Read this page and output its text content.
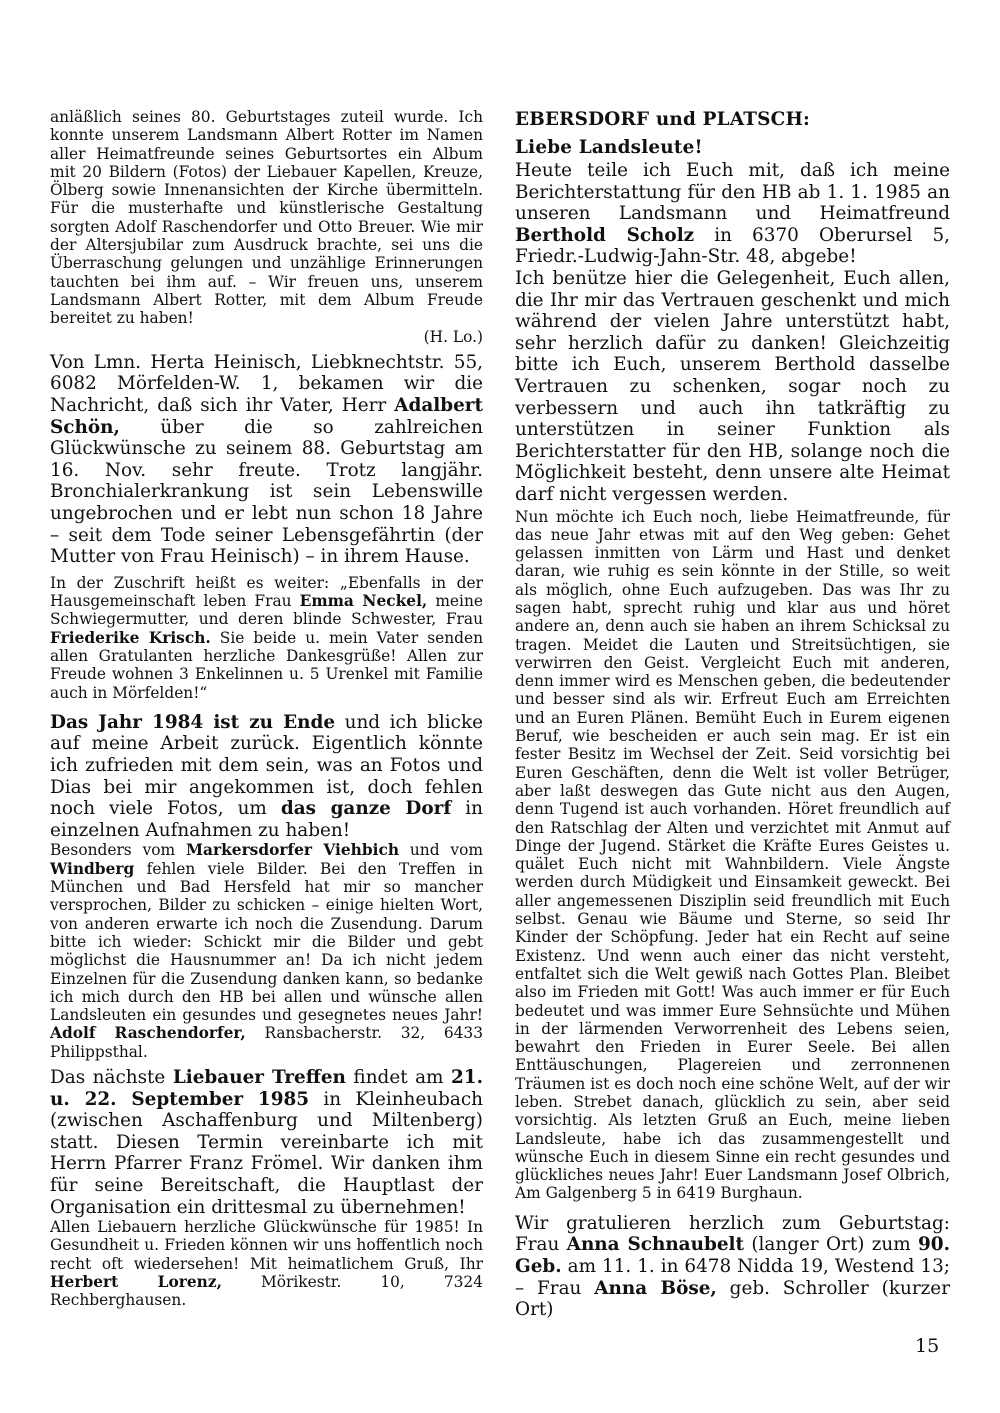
anläßlich seines 80. Geburtstages zuteil wurde. Ich konnte unserem Landsmann Albert Rotter im Namen aller Heimatfreunde seines Geburtsortes ein Album mit 20 Bildern (Fotos) der Liebauer Kapellen, Kreuze, Ölberg sowie Innenansichten der Kirche übermitteln. Für die musterhafte und künstlerische Gestaltung sorgten Adolf Raschendorfer und Otto Breuer. Wie mir der Altersjubilar zum Ausdruck brachte, sei uns die Überraschung gelungen und unzählige Erinnerungen tauchten bei ihm auf. – Wir freuen uns, unserem Landsmann Albert Rotter, mit dem Album Freude bereitet zu haben!

(H. Lo.)

Von Lmn. Herta Heinisch, Liebknechtstr. 55, 6082 Mörfelden-W. 1, bekamen wir die Nachricht, daß sich ihr Vater, Herr Adalbert Schön, über die so zahlreichen Glückwünsche zu seinem 88. Geburtstag am 16. Nov. sehr freute. Trotz langjähr. Bronchialerkrankung ist sein Lebenswille ungebrochen und er lebt nun schon 18 Jahre – seit dem Tode seiner Lebensgefährtin (der Mutter von Frau Heinisch) – in ihrem Hause.

In der Zuschrift heißt es weiter: „Ebenfalls in der Hausgemeinschaft leben Frau Emma Neckel, meine Schwiegermutter, und deren blinde Schwester, Frau Friederike Krisch. Sie beide u. mein Vater senden allen Gratulanten herzliche Dankesgrüße! Allen zur Freude wohnen 3 Enkelinnen u. 5 Urenkel mit Familie auch in Mörfelden!“

Das Jahr 1984 ist zu Ende und ich blicke auf meine Arbeit zurück. Eigentlich könnte ich zufrieden mit dem sein, was an Fotos und Dias bei mir angekommen ist, doch fehlen noch viele Fotos, um das ganze Dorf in einzelnen Aufnahmen zu haben!

Besonders vom Markersdorfer Viehbich und vom Windberg fehlen viele Bilder. Bei den Treffen in München und Bad Hersfeld hat mir so mancher versprochen, Bilder zu schicken – einige hielten Wort, von anderen erwarte ich noch die Zusendung. Darum bitte ich wieder: Schickt mir die Bilder und gebt möglichst die Hausnummer an! Da ich nicht jedem Einzelnen für die Zusendung danken kann, so bedanke ich mich durch den HB bei allen und wünsche allen Landsleuten ein gesundes und gesegnetes neues Jahr! Adolf Raschendorfer, Ransbacherstr. 32, 6433 Philippsthal.

Das nächste Liebauer Treffen findet am 21. u. 22. September 1985 in Kleinheubach (zwischen Aschaffenburg und Miltenberg) statt. Diesen Termin vereinbarte ich mit Herrn Pfarrer Franz Frömel. Wir danken ihm für seine Bereitschaft, die Hauptlast der Organisation ein drittesmal zu übernehmen!

Allen Liebauern herzliche Glückwünsche für 1985! In Gesundheit u. Frieden können wir uns hoffentlich noch recht oft wiedersehen! Mit heimatlichem Gruß, Ihr Herbert Lorenz, Mörikestr. 10, 7324 Rechberghausen.

EBERSDORF und PLATSCH:

Liebe Landsleute!

Heute teile ich Euch mit, daß ich meine Berichterstattung für den HB ab 1. 1. 1985 an unseren Landsmann und Heimatfreund Berthold Scholz in 6370 Oberursel 5, Friedr.-Ludwig-Jahn-Str. 48, abgebe!

Ich benütze hier die Gelegenheit, Euch allen, die Ihr mir das Vertrauen geschenkt und mich während der vielen Jahre unterstützt habt, sehr herzlich dafür zu danken! Gleichzeitig bitte ich Euch, unserem Berthold dasselbe Vertrauen zu schenken, sogar noch zu verbessern und auch ihn tatkräftig zu unterstützen in seiner Funktion als Berichterstatter für den HB, solange noch die Möglichkeit besteht, denn unsere alte Heimat darf nicht vergessen werden.

Nun möchte ich Euch noch, liebe Heimatfreunde, für das neue Jahr etwas mit auf den Weg geben: Gehet gelassen inmitten von Lärm und Hast und denket daran, wie ruhig es sein könnte in der Stille, so weit als möglich, ohne Euch aufzugeben. Das was Ihr zu sagen habt, sprecht ruhig und klar aus und höret andere an, denn auch sie haben an ihrem Schicksal zu tragen. Meidet die Lauten und Streitsüchtigen, sie verwirren den Geist. Vergleicht Euch mit anderen, denn immer wird es Menschen geben, die bedeutender und besser sind als wir. Erfreut Euch am Erreichten und an Euren Plänen. Bemüht Euch in Eurem eigenen Beruf, wie bescheiden er auch sein mag. Er ist ein fester Besitz im Wechsel der Zeit. Seid vorsichtig bei Euren Geschäften, denn die Welt ist voller Betrüger, aber laßt deswegen das Gute nicht aus den Augen, denn Tugend ist auch vorhanden. Höret freundlich auf den Ratschlag der Alten und verzichtet mit Anmut auf Dinge der Jugend. Stärket die Kräfte Eures Geistes u. quälet Euch nicht mit Wahnbildern. Viele Ängste werden durch Müdigkeit und Einsamkeit geweckt. Bei aller angemessenen Disziplin seid freundlich mit Euch selbst. Genau wie Bäume und Sterne, so seid Ihr Kinder der Schöpfung. Jeder hat ein Recht auf seine Existenz. Und wenn auch einer das nicht versteht, entfaltet sich die Welt gewiß nach Gottes Plan. Bleibet also im Frieden mit Gott! Was auch immer er für Euch bedeutet und was immer Eure Sehnsüchte und Mühen in der lärmenden Verworrenheit des Lebens seien, bewahrt den Frieden in Eurer Seele. Bei allen Enttäuschungen, Plagereien und zerronnenen Träumen ist es doch noch eine schöne Welt, auf der wir leben. Strebet danach, glücklich zu sein, aber seid vorsichtig. Als letzten Gruß an Euch, meine lieben Landsleute, habe ich das zusammengestellt und wünsche Euch in diesem Sinne ein recht gesundes und glückliches neues Jahr! Euer Landsmann Josef Olbrich, Am Galgenberg 5 in 6419 Burghaun.

Wir gratulieren herzlich zum Geburtstag: Frau Anna Schnaubelt (langer Ort) zum 90. Geb. am 11. 1. in 6478 Nidda 19, Westend 13; – Frau Anna Böse, geb. Schroller (kurzer Ort)

15
